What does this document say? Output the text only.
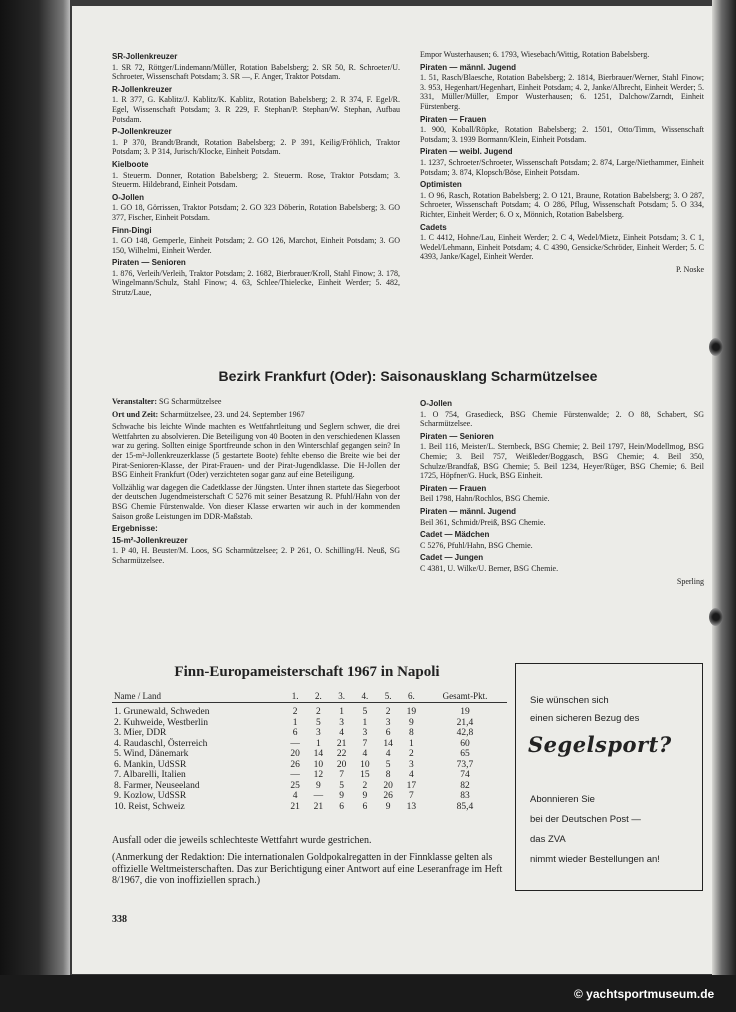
SR-Jollenkreuzer

1. SR 72, Röttger/Lindemann/Müller, Rotation Babelsberg; 2. SR 50, R. Schroeter/U. Schroeter, Wissenschaft Potsdam; 3. SR —, F. Anger, Traktor Potsdam.

R-Jollenkreuzer

1. R 377, G. Kablitz/J. Kablitz/K. Kablitz, Rotation Babelsberg; 2. R 374, F. Egel/R. Egel, Wissenschaft Potsdam; 3. R 229, F. Stephan/P. Stephan/W. Stephan, Aufbau Potsdam.

P-Jollenkreuzer

1. P 370, Brandt/Brandt, Rotation Babelsberg; 2. P 391, Keilig/Fröhlich, Traktor Potsdam; 3. P 314, Jurisch/Klocke, Einheit Potsdam.

Kielboote

1. Steuerm. Donner, Rotation Babelsberg; 2. Steuerm. Rose, Traktor Potsdam; 3. Steuerm. Hildebrand, Einheit Potsdam.

O-Jollen

1. GO 18, Görrissen, Traktor Potsdam; 2. GO 323 Döberin, Rotation Babelsberg; 3. GO 377, Fischer, Einheit Potsdam.

Finn-Dingi

1. GO 148, Gemperle, Einheit Potsdam; 2. GO 126, Marchot, Einheit Potsdam; 3. GO 150, Wilhelmi, Einheit Werder.

Piraten — Senioren

1. 876, Verleih/Verleih, Traktor Potsdam; 2. 1682, Bierbrauer/Kroll, Stahl Finow; 3. 178, Wingelmann/Schulz, Stahl Finow; 4. 63, Schlee/Thielecke, Einheit Werder; 5. 482, Strutz/Laue,

Empor Wusterhausen; 6. 1793, Wiesebach/Wittig, Rotation Babelsberg.

Piraten — männl. Jugend

1. 51, Rasch/Blaesche, Rotation Babelsberg; 2. 1814, Bierbrauer/Werner, Stahl Finow; 3. 953, Hegenhart/Hegenhart, Einheit Potsdam; 4. 2, Janke/Albrecht, Einheit Werder; 5. 331, Müller/Müller, Empor Wusterhausen; 6. 1251, Dalchow/Zarndt, Einheit Fürstenberg.

Piraten — Frauen

1. 900, Koball/Röpke, Rotation Babelsberg; 2. 1501, Otto/Timm, Wissenschaft Potsdam; 3. 1939 Bormann/Klein, Einheit Potsdam.

Piraten — weibl. Jugend

1. 1237, Schroeter/Schroeter, Wissenschaft Potsdam; 2. 874, Large/Niethammer, Einheit Potsdam; 3. 874, Klopsch/Böse, Einheit Potsdam.

Optimisten

1. O 96, Rasch, Rotation Babelsberg; 2. O 121, Braune, Rotation Babelsberg; 3. O 287, Schroeter, Wissenschaft Potsdam; 4. O 286, Pflug, Wissenschaft Potsdam; 5. O 334, Richter, Einheit Werder; 6. O x, Mönnich, Rotation Babelsberg.

Cadets

1. C 4412, Hohne/Lau, Einheit Werder; 2. C 4, Wedel/Mietz, Einheit Potsdam; 3. C 1, Wedel/Lehmann, Einheit Potsdam; 4. C 4390, Gensicke/Schröder, Einheit Werder; 5. C 4393, Janke/Kagel, Einheit Werder.

P. Noske
Bezirk Frankfurt (Oder): Saisonausklang Scharmützelsee

Veranstalter: SG Scharmützelsee

Ort und Zeit: Scharmützelsee, 23. und 24. September 1967

Schwache bis leichte Winde machten es Wettfahrtleitung und Seglern schwer, die drei Wettfahrten zu absolvieren. Die Beteiligung von 40 Booten in den verschiedenen Klassen war zu gering. Sollten einige Sportfreunde schon in den Winterschlaf gegangen sein? In der 15-m²-Jollenkreuzerklasse (5 gestartete Boote) fehlte ebenso die Breite wie bei der Pirat-Senioren-Klasse, der Pirat-Frauen- und der Pirat-Jugendklasse. Die H-Jollen der BSG Einheit Frankfurt (Oder) verzichteten sogar ganz auf eine Beteiligung.

Vollzählig war dagegen die Cadetklasse der Jüngsten. Unter ihnen startete das Siegerboot der deutschen Jugendmeisterschaft C 5276 mit seiner Besatzung R. Pfuhl/Hahn von der BSG Chemie Fürstenwalde. Von dieser Klasse erwarten wir auch in der kommenden Saison große Leistungen im DDR-Maßstab.

Ergebnisse:
15-m²-Jollenkreuzer

1. P 40, H. Beuster/M. Loos, SG Scharmützelsee; 2. P 261, O. Schilling/H. Neuß, SG Scharmützelsee.

O-Jollen

1. O 754, Grasedieck, BSG Chemie Fürstenwalde; 2. O 88, Schabert, SG Scharmützelsee.

Piraten — Senioren

1. Beil 116, Meister/L. Sternbeck, BSG Chemie; 2. Beil 1797, Hein/Modellmog, BSG Chemie; 3. Beil 757, Weißleder/Boggasch, BSG Chemie; 4. Beil 350, Schulze/Brandfaß, BSG Chemie; 5. Beil 1234, Heyer/Rüger, BSG Chemie; 6. Beil 1725, Höpfner/G. Huck, BSG Einheit.

Piraten — Frauen

Beil 1798, Hahn/Rochlos, BSG Chemie.

Piraten — männl. Jugend

Beil 361, Schmidt/Preiß, BSG Chemie.

Cadet — Mädchen

C 5276, Pfuhl/Hahn, BSG Chemie.

Cadet — Jungen

C 4381, U. Wilke/U. Berner, BSG Chemie.

Sperling
Finn-Europameisterschaft 1967 in Napoli
Name / Land	1.	2.	3.	4.	5.	6.	Gesamt-Pkt.
1. Grunewald, Schweden	2	2	1	5	2	19	19
2. Kuhweide, Westberlin	1	5	3	1	3	9	21,4
3. Mier, DDR	6	3	4	3	6	8	42,8
4. Raudaschl, Österreich	—	1	21	7	14	1	60
5. Wind, Dänemark	20	14	22	4	4	2	65
6. Mankin, UdSSR	26	10	20	10	5	3	73,7
7. Albarelli, Italien	—	12	7	15	8	4	74
8. Farmer, Neuseeland	25	9	5	2	20	17	82
9. Kozlow, UdSSR	4	—	9	9	26	7	83
10. Reist, Schweiz	21	21	6	6	9	13	85,4

Ausfall oder die jeweils schlechteste Wettfahrt wurde gestrichen.

(Anmerkung der Redaktion: Die internationalen Goldpokalregatten in der Finnklasse gelten als offizielle Weltmeisterschaften. Das zur Berichtigung einer Antwort auf eine Leseranfrage im Heft 8/1967, die von inoffiziellen sprach.)

Sie wünschen sich
einen sicheren Bezug des
Segelsport?
Abonnieren Sie
bei der Deutschen Post —
das ZVA
nimmt wieder Bestellungen an!
338
© yachtsportmuseum.de
